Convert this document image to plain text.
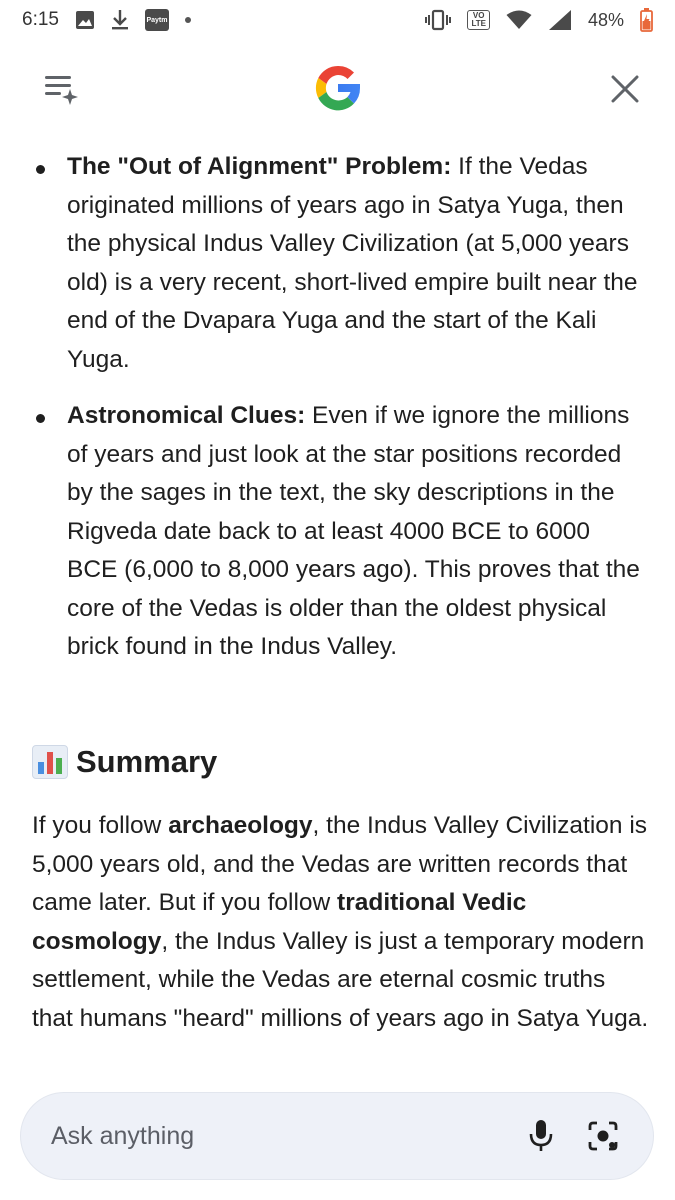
6:15	Paytm	VO
LTE	48%
The "Out of Alignment" Problem: If the Vedas originated millions of years ago in Satya Yuga, then the physical Indus Valley Civilization (at 5,000 years old) is a very recent, short-lived empire built near the end of the Dvapara Yuga and the start of the Kali Yuga.
Astronomical Clues: Even if we ignore the millions of years and just look at the star positions recorded by the sages in the text, the sky descriptions in the Rigveda date back to at least 4000 BCE to 6000 BCE (6,000 to 8,000 years ago). This proves that the core of the Vedas is older than the oldest physical brick found in the Indus Valley.
Summary
If you follow archaeology, the Indus Valley Civilization is 5,000 years old, and the Vedas are written records that came later. But if you follow traditional Vedic cosmology, the Indus Valley is just a temporary modern settlement, while the Vedas are eternal cosmic truths that humans "heard" millions of years ago in Satya Yuga.
Ask anything
